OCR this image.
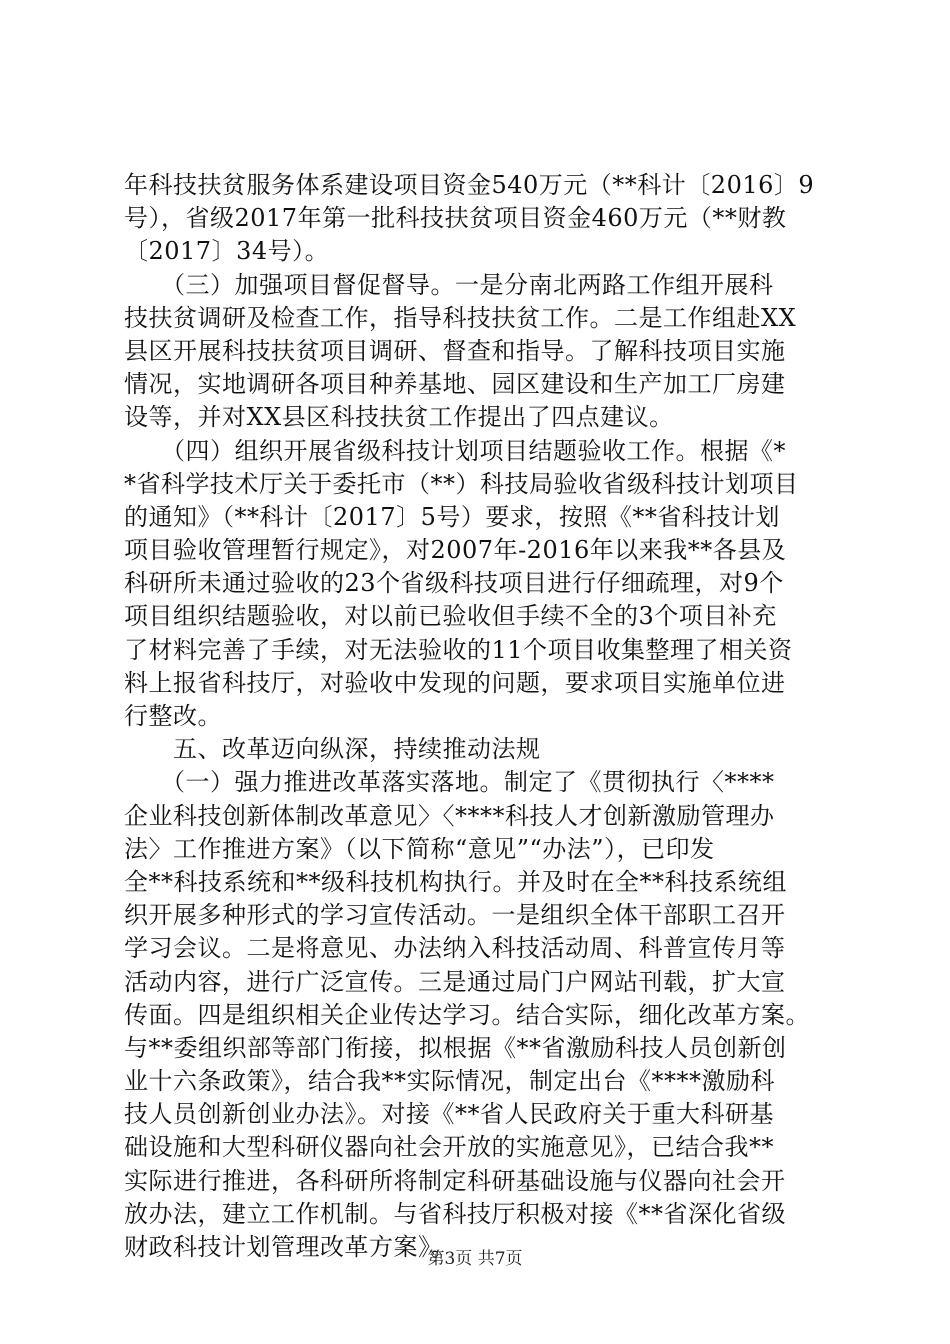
年科技扶贫服务体系建设项目资金540万元（**科计〔2016〕9
号），省级2017年第一批科技扶贫项目资金460万元（**财教
〔2017〕34号）。
　　（三）加强项目督促督导。一是分南北两路工作组开展科
技扶贫调研及检查工作，指导科技扶贫工作。二是工作组赴XX
县区开展科技扶贫项目调研、督查和指导。了解科技项目实施
情况，实地调研各项目种养基地、园区建设和生产加工厂房建
设等，并对XX县区科技扶贫工作提出了四点建议。
　　（四）组织开展省级科技计划项目结题验收工作。根据《*
*省科学技术厅关于委托市（**）科技局验收省级科技计划项目
的通知》（**科计〔2017〕5号）要求，按照《**省科技计划
项目验收管理暂行规定》，对2007年-2016年以来我**各县及
科研所未通过验收的23个省级科技项目进行仔细疏理，对9个
项目组织结题验收，对以前已验收但手续不全的3个项目补充
了材料完善了手续，对无法验收的11个项目收集整理了相关资
料上报省科技厅，对验收中发现的问题，要求项目实施单位进
行整改。
　　五、改革迈向纵深，持续推动法规
　　（一）强力推进改革落实落地。制定了《贯彻执行〈****
企业科技创新体制改革意见〉〈****科技人才创新激励管理办
法〉工作推进方案》（以下简称“意见”“办法”），已印发
全**科技系统和**级科技机构执行。并及时在全**科技系统组
织开展多种形式的学习宣传活动。一是组织全体干部职工召开
学习会议。二是将意见、办法纳入科技活动周、科普宣传月等
活动内容，进行广泛宣传。三是通过局门户网站刊载，扩大宣
传面。四是组织相关企业传达学习。结合实际，细化改革方案。
与**委组织部等部门衔接，拟根据《**省激励科技人员创新创
业十六条政策》，结合我**实际情况，制定出台《****激励科
技人员创新创业办法》。对接《**省人民政府关于重大科研基
础设施和大型科研仪器向社会开放的实施意见》，已结合我**
实际进行推进，各科研所将制定科研基础设施与仪器向社会开
放办法，建立工作机制。与省科技厅积极对接《**省深化省级
财政科技计划管理改革方案》。
第3页 共7页
